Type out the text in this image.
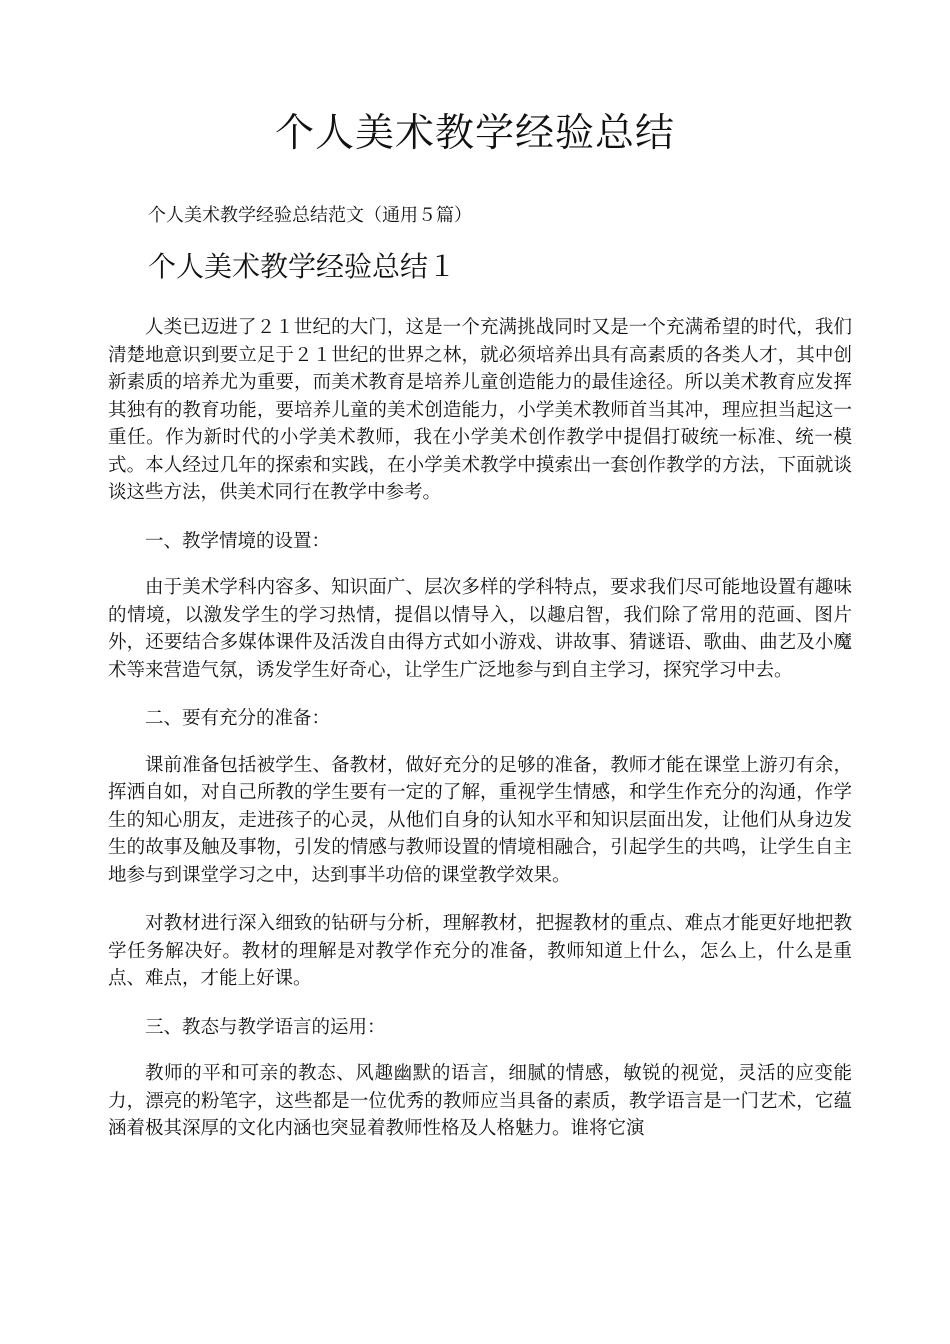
个人美术教学经验总结

个人美术教学经验总结范文（通用５篇）

个人美术教学经验总结１

人类已迈进了２１世纪的大门，这是一个充满挑战同时又是一个充满希望的时代，我们清楚地意识到要立足于２１世纪的世界之林，就必须培养出具有高素质的各类人才，其中创新素质的培养尤为重要，而美术教育是培养儿童创造能力的最佳途径。所以美术教育应发挥其独有的教育功能，要培养儿童的美术创造能力，小学美术教师首当其冲，理应担当起这一重任。作为新时代的小学美术教师，我在小学美术创作教学中提倡打破统一标准、统一模式。本人经过几年的探索和实践，在小学美术教学中摸索出一套创作教学的方法，下面就谈谈这些方法，供美术同行在教学中参考。

一、教学情境的设置：

由于美术学科内容多、知识面广、层次多样的学科特点，要求我们尽可能地设置有趣味的情境，以激发学生的学习热情，提倡以情导入，以趣启智，我们除了常用的范画、图片外，还要结合多媒体课件及活泼自由得方式如小游戏、讲故事、猜谜语、歌曲、曲艺及小魔术等来营造气氛，诱发学生好奇心，让学生广泛地参与到自主学习，探究学习中去。

二、要有充分的准备：

课前准备包括被学生、备教材，做好充分的足够的准备，教师才能在课堂上游刃有余，挥洒自如，对自己所教的学生要有一定的了解，重视学生情感，和学生作充分的沟通，作学生的知心朋友，走进孩子的心灵，从他们自身的认知水平和知识层面出发，让他们从身边发生的故事及触及事物，引发的情感与教师设置的情境相融合，引起学生的共鸣，让学生自主地参与到课堂学习之中，达到事半功倍的课堂教学效果。

对教材进行深入细致的钻研与分析，理解教材，把握教材的重点、难点才能更好地把教学任务解决好。教材的理解是对教学作充分的准备，教师知道上什么，怎么上，什么是重点、难点，才能上好课。

三、教态与教学语言的运用：

教师的平和可亲的教态、风趣幽默的语言，细腻的情感，敏锐的视觉，灵活的应变能力，漂亮的粉笔字，这些都是一位优秀的教师应当具备的素质，教学语言是一门艺术，它蕴涵着极其深厚的文化内涵也突显着教师性格及人格魅力。谁将它演
